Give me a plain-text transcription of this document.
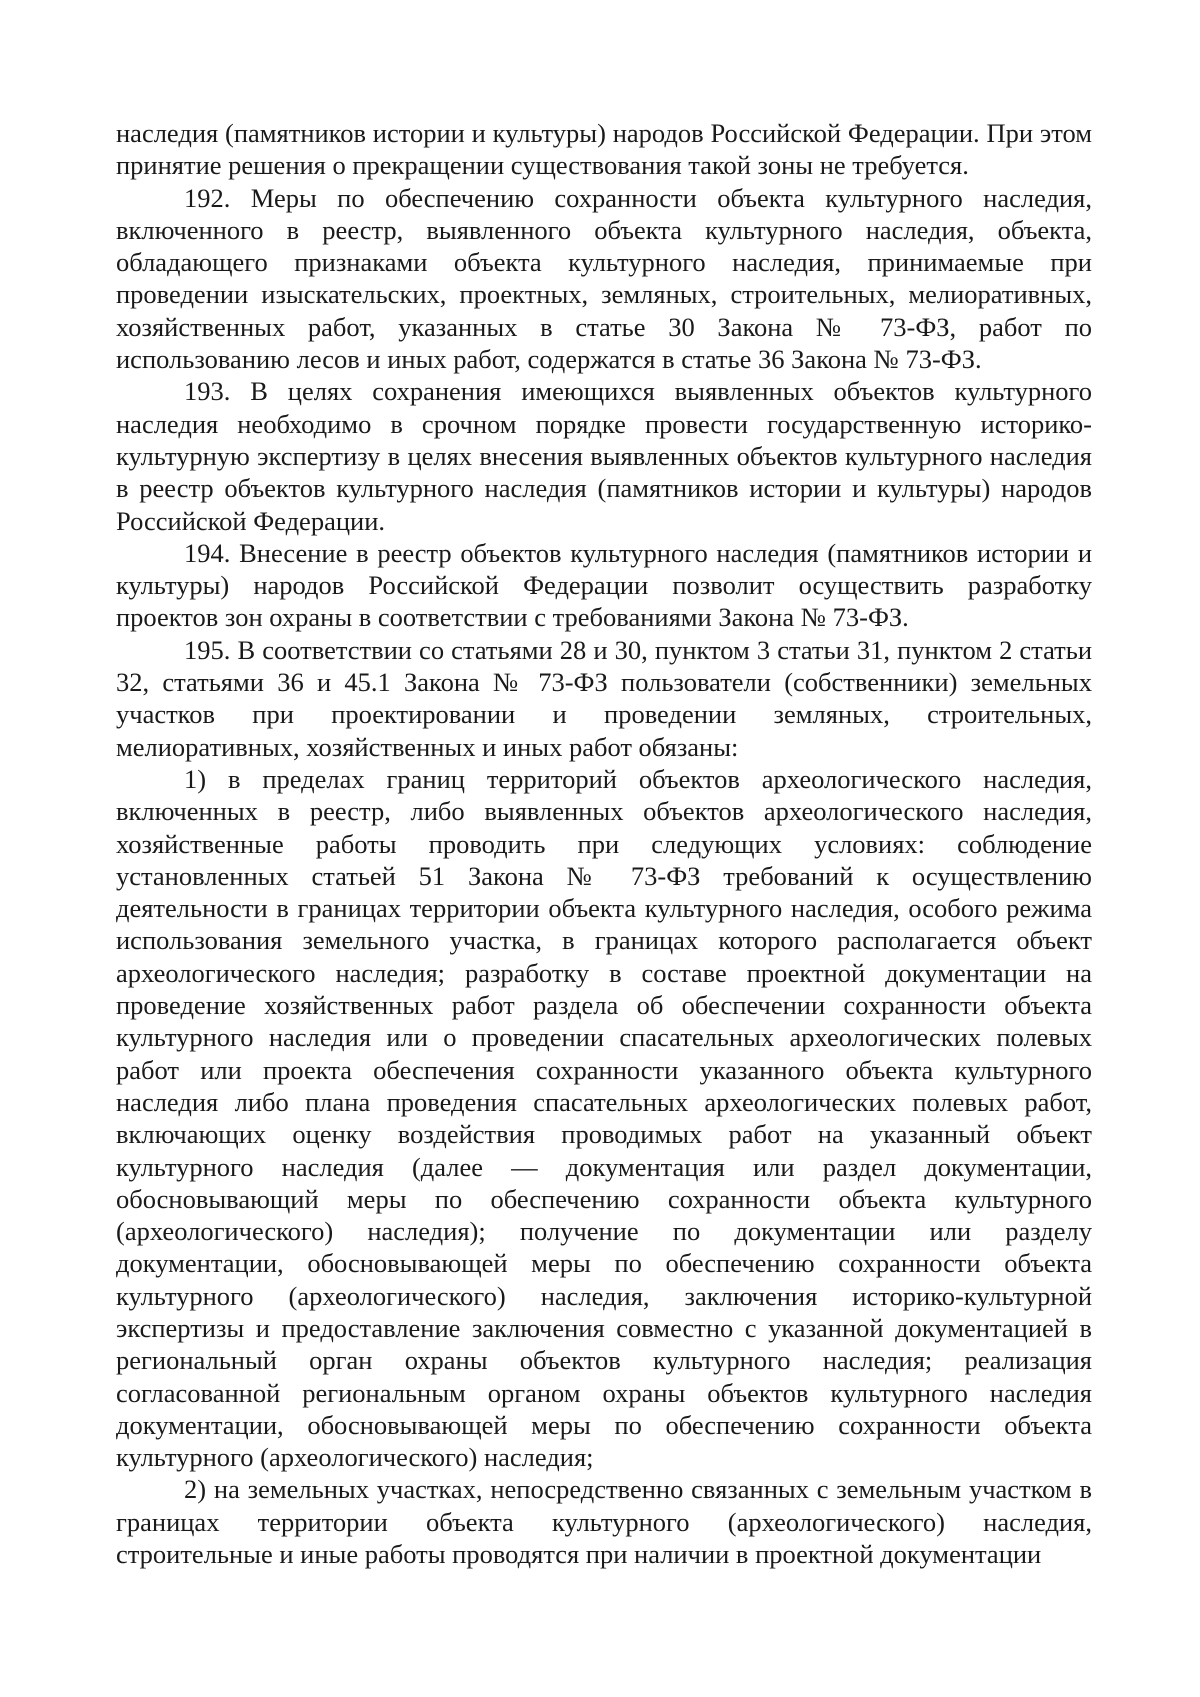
наследия (памятников истории и культуры) народов Российской Федерации. При этом принятие решения о прекращении существования такой зоны не требуется.

192. Меры по обеспечению сохранности объекта культурного наследия, включенного в реестр, выявленного объекта культурного наследия, объекта, обладающего признаками объекта культурного наследия, принимаемые при проведении изыскательских, проектных, земляных, строительных, мелиоративных, хозяйственных работ, указанных в статье 30 Закона № 73-ФЗ, работ по использованию лесов и иных работ, содержатся в статье 36 Закона № 73-ФЗ.

193. В целях сохранения имеющихся выявленных объектов культурного наследия необходимо в срочном порядке провести государственную историко-культурную экспертизу в целях внесения выявленных объектов культурного наследия в реестр объектов культурного наследия (памятников истории и культуры) народов Российской Федерации.

194. Внесение в реестр объектов культурного наследия (памятников истории и культуры) народов Российской Федерации позволит осуществить разработку проектов зон охраны в соответствии с требованиями Закона № 73-ФЗ.

195. В соответствии со статьями 28 и 30, пунктом 3 статьи 31, пунктом 2 статьи 32, статьями 36 и 45.1 Закона № 73-ФЗ пользователи (собственники) земельных участков при проектировании и проведении земляных, строительных, мелиоративных, хозяйственных и иных работ обязаны:

1) в пределах границ территорий объектов археологического наследия, включенных в реестр, либо выявленных объектов археологического наследия, хозяйственные работы проводить при следующих условиях: соблюдение установленных статьей 51 Закона № 73-ФЗ требований к осуществлению деятельности в границах территории объекта культурного наследия, особого режима использования земельного участка, в границах которого располагается объект археологического наследия; разработку в составе проектной документации на проведение хозяйственных работ раздела об обеспечении сохранности объекта культурного наследия или о проведении спасательных археологических полевых работ или проекта обеспечения сохранности указанного объекта культурного наследия либо плана проведения спасательных археологических полевых работ, включающих оценку воздействия проводимых работ на указанный объект культурного наследия (далее — документация или раздел документации, обосновывающий меры по обеспечению сохранности объекта культурного (археологического) наследия); получение по документации или разделу документации, обосновывающей меры по обеспечению сохранности объекта культурного (археологического) наследия, заключения историко-культурной экспертизы и предоставление заключения совместно с указанной документацией в региональный орган охраны объектов культурного наследия; реализация согласованной региональным органом охраны объектов культурного наследия документации, обосновывающей меры по обеспечению сохранности объекта культурного (археологического) наследия;

2) на земельных участках, непосредственно связанных с земельным участком в границах территории объекта культурного (археологического) наследия, строительные и иные работы проводятся при наличии в проектной документации
